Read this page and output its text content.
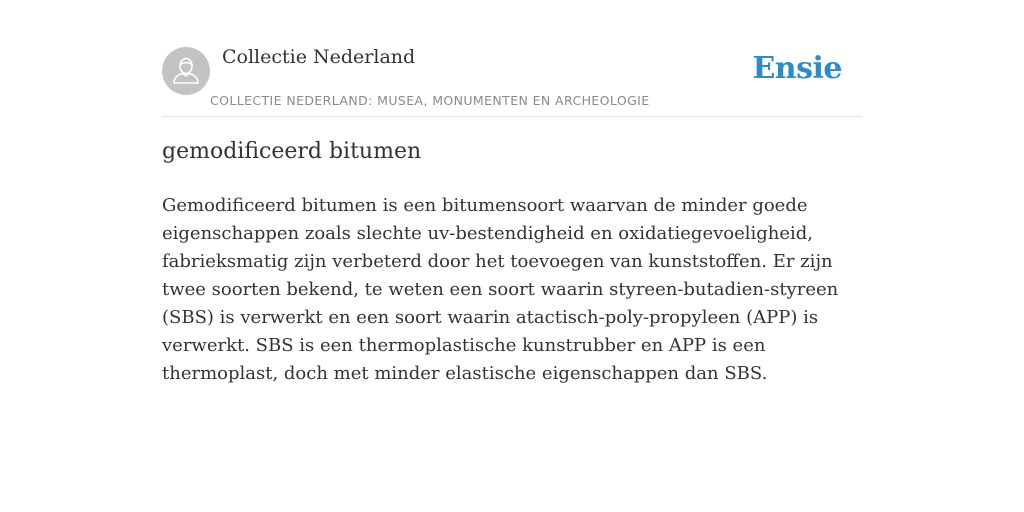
Collectie Nederland
COLLECTIE NEDERLAND: MUSEA, MONUMENTEN EN ARCHEOLOGIE
Ensie
gemodificeerd bitumen

Gemodificeerd bitumen is een bitumensoort waarvan de minder goede eigenschappen zoals slechte uv-bestendigheid en oxidatiegevoeligheid, fabrieksmatig zijn verbeterd door het toevoegen van kunststoffen. Er zijn twee soorten bekend, te weten een soort waarin styreen-butadien-styreen (SBS) is verwerkt en een soort waarin atactisch-poly-propyleen (APP) is verwerkt. SBS is een thermoplastische kunstrubber en APP is een thermoplast, doch met minder elastische eigenschappen dan SBS.
